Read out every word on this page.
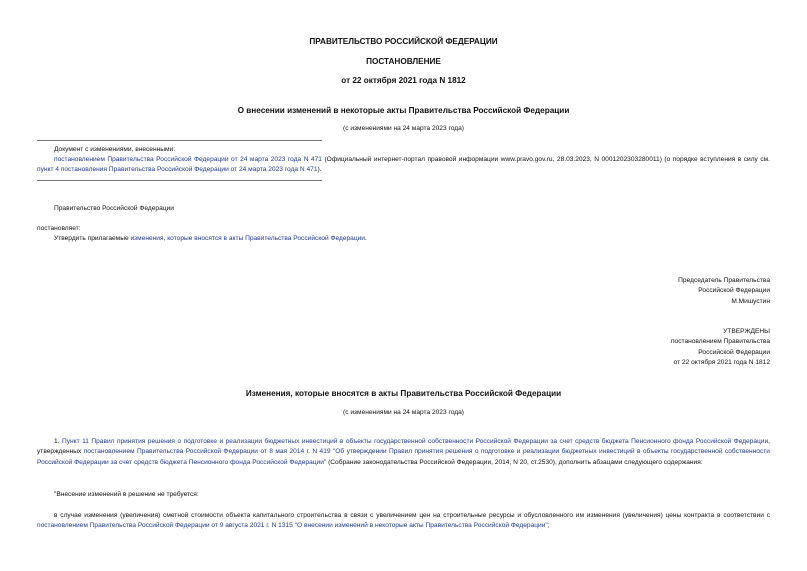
ПРАВИТЕЛЬСТВО РОССИЙСКОЙ ФЕДЕРАЦИИ
ПОСТАНОВЛЕНИЕ
от 22 октября 2021 года N 1812
О внесении изменений в некоторые акты Правительства Российской Федерации
(с изменениями на 24 марта 2023 года)
Документ с изменениями, внесенными:
постановлением Правительства Российской Федерации от 24 марта 2023 года N 471 (Официальный интернет-портал правовой информации www.pravo.gov.ru, 28.03.2023, N 0001202303280011) (о порядке вступления в силу см. пункт 4 постановления Правительства Российской Федерации от 24 марта 2023 года N 471).
Правительство Российской Федерации
постановляет:
Утвердить прилагаемые изменения, которые вносятся в акты Правительства Российской Федерации.
Председатель Правительства
Российской Федерации
М.Мишустин
УТВЕРЖДЕНЫ
постановлением Правительства
Российской Федерации
от 22 октября 2021 года N 1812
Изменения, которые вносятся в акты Правительства Российской Федерации
(с изменениями на 24 марта 2023 года)
1. Пункт 11 Правил принятия решения о подготовке и реализации бюджетных инвестиций в объекты государственной собственности Российской Федерации за счет средств бюджета Пенсионного фонда Российской Федерации, утвержденных постановлением Правительства Российской Федерации от 8 мая 2014 г. N 419 "Об утверждении Правил принятия решения о подготовке и реализации бюджетных инвестиций в объекты государственной собственности Российской Федерации за счет средств бюджета Пенсионного фонда Российской Федерации" (Собрание законодательства Российской Федерации, 2014, N 20, ст.2530), дополнить абзацами следующего содержания:
"Внесение изменений в решение не требуется:
в случае изменения (увеличения) сметной стоимости объекта капитального строительства в связи с увеличением цен на строительные ресурсы и обусловленного им изменения (увеличения) цены контракта в соответствии с постановлением Правительства Российской Федерации от 9 августа 2021 г. N 1315 "О внесении изменений в некоторые акты Правительства Российской Федерации";
